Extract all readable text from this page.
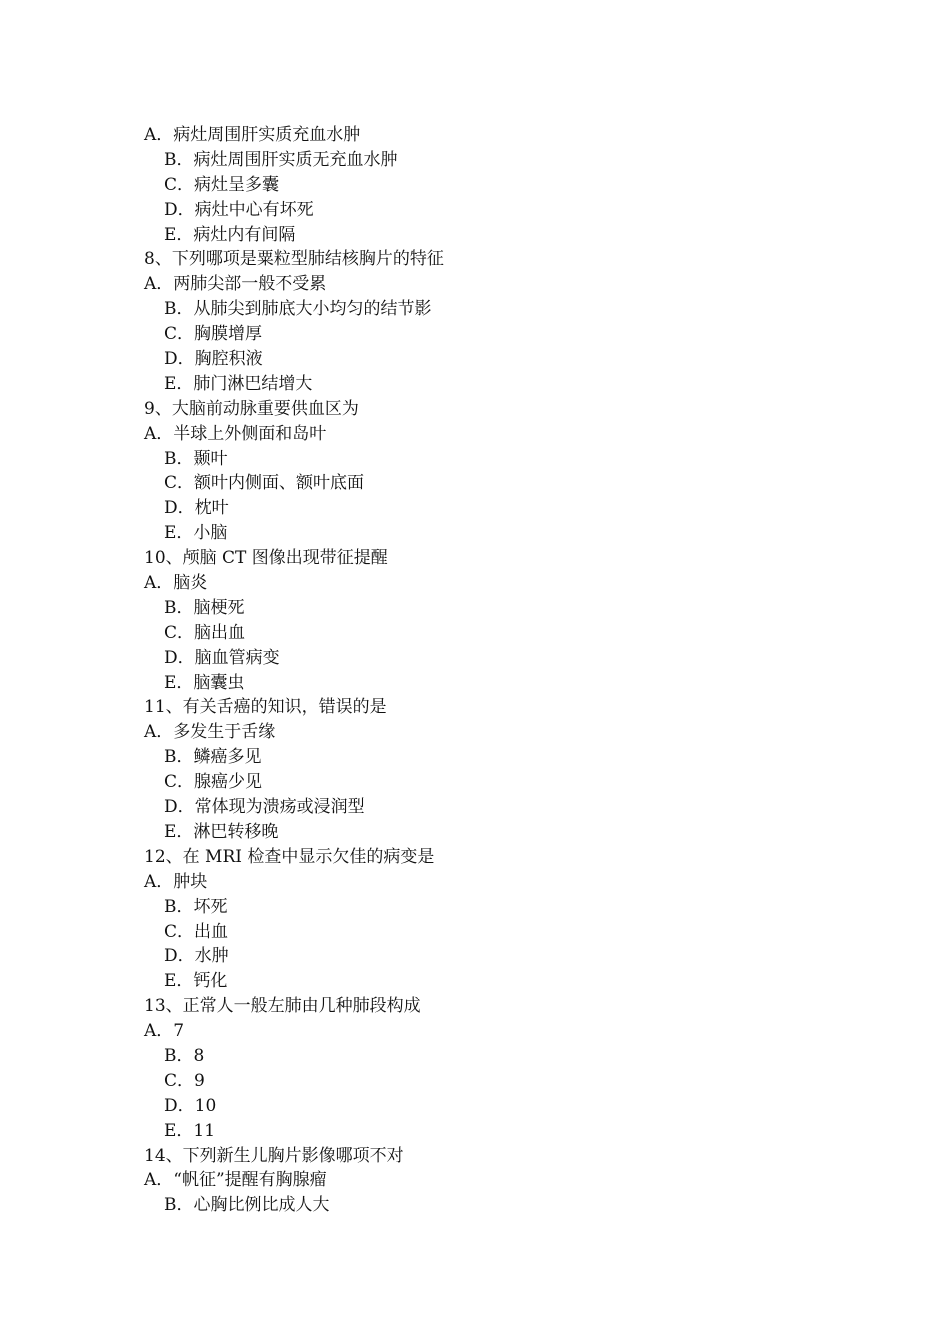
A．病灶周围肝实质充血水肿
B．病灶周围肝实质无充血水肿
C．病灶呈多囊
D．病灶中心有坏死
E．病灶内有间隔
8、下列哪项是粟粒型肺结核胸片的特征
A．两肺尖部一般不受累
B．从肺尖到肺底大小均匀的结节影
C．胸膜增厚
D．胸腔积液
E．肺门淋巴结增大
9、大脑前动脉重要供血区为
A．半球上外侧面和岛叶
B．颞叶
C．额叶内侧面、额叶底面
D．枕叶
E．小脑
10、颅脑 CT 图像出现带征提醒
A．脑炎
B．脑梗死
C．脑出血
D．脑血管病变
E．脑囊虫
11、有关舌癌的知识，错误的是
A．多发生于舌缘
B．鳞癌多见
C．腺癌少见
D．常体现为溃疡或浸润型
E．淋巴转移晚
12、在 MRI 检查中显示欠佳的病变是
A．肿块
B．坏死
C．出血
D．水肿
E．钙化
13、正常人一般左肺由几种肺段构成
A．7
B．8
C．9
D．10
E．11
14、下列新生儿胸片影像哪项不对
A．“帆征”提醒有胸腺瘤
B．心胸比例比成人大
